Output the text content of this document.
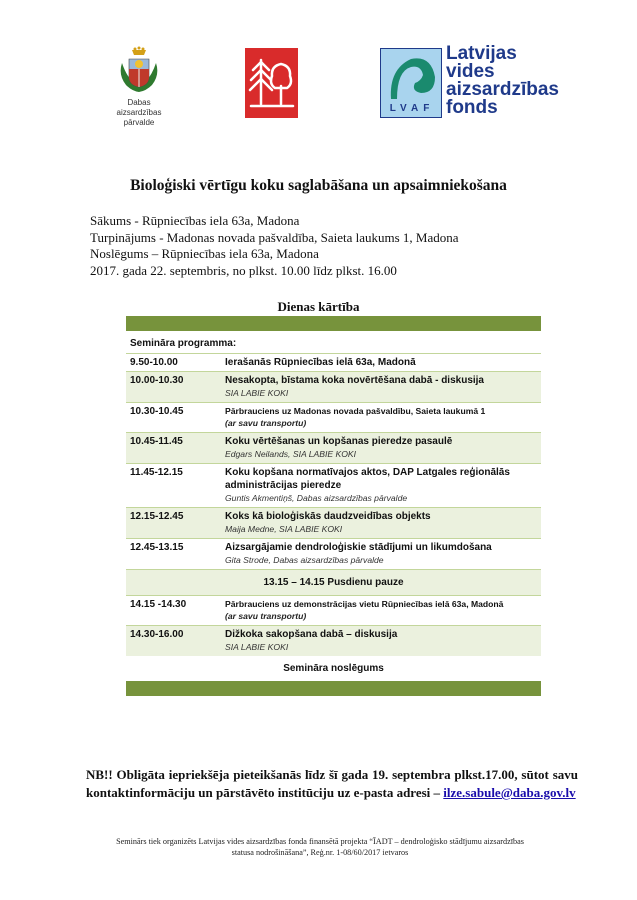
Dabas aizsardzības
pārvalde
LVAF
Latvijas
vides
aizsardzības
fonds
Bioloģiski vērtīgu koku saglabāšana un apsaimniekošana
Sākums - Rūpniecības iela 63a, Madona
Turpinājums - Madonas novada pašvaldība, Saieta laukums 1, Madona
Noslēgums – Rūpniecības iela 63a, Madona
2017. gada 22. septembris, no plkst. 10.00 līdz plkst. 16.00
Dienas kārtība
Semināra programma:
9.50-10.00	Ierašanās Rūpniecības ielā 63a, Madonā
10.00-10.30	Nesakopta, bīstama koka novērtēšana dabā - diskusija
SIA LABIE KOKI
10.30-10.45	Pārbrauciens uz Madonas novada pašvaldību, Saieta laukumā 1
(ar savu transportu)
10.45-11.45	Koku vērtēšanas un kopšanas pieredze pasaulē
Edgars Neilands, SIA LABIE KOKI
11.45-12.15	Koku kopšana normatīvajos aktos, DAP Latgales reģionālās administrācijas pieredze
Guntis Akmentiņš, Dabas aizsardzības pārvalde
12.15-12.45	Koks kā bioloģiskās daudzveidības objekts
Maija Medne, SIA LABIE KOKI
12.45-13.15	Aizsargājamie dendroloģiskie stādījumi un likumdošana
Gita Strode, Dabas aizsardzības pārvalde
13.15 – 14.15 Pusdienu pauze
14.15 -14.30	Pārbrauciens uz demonstrācijas vietu Rūpniecības ielā 63a, Madonā
(ar savu transportu)
14.30-16.00	Dižkoka sakopšana dabā – diskusija
SIA LABIE KOKI
Semināra noslēgums
NB!! Obligāta iepriekšēja pieteikšanās līdz šī gada 19. septembra plkst.17.00, sūtot savu kontaktinformāciju un pārstāvēto institūciju uz e-pasta adresi – ilze.sabule@daba.gov.lv
Seminārs tiek organizēts Latvijas vides aizsardzības fonda finansētā projekta “ĪADT – dendroloģisko stādījumu aizsardzības
statusa nodrošināšana”, Reģ.nr. 1-08/60/2017 ietvaros
